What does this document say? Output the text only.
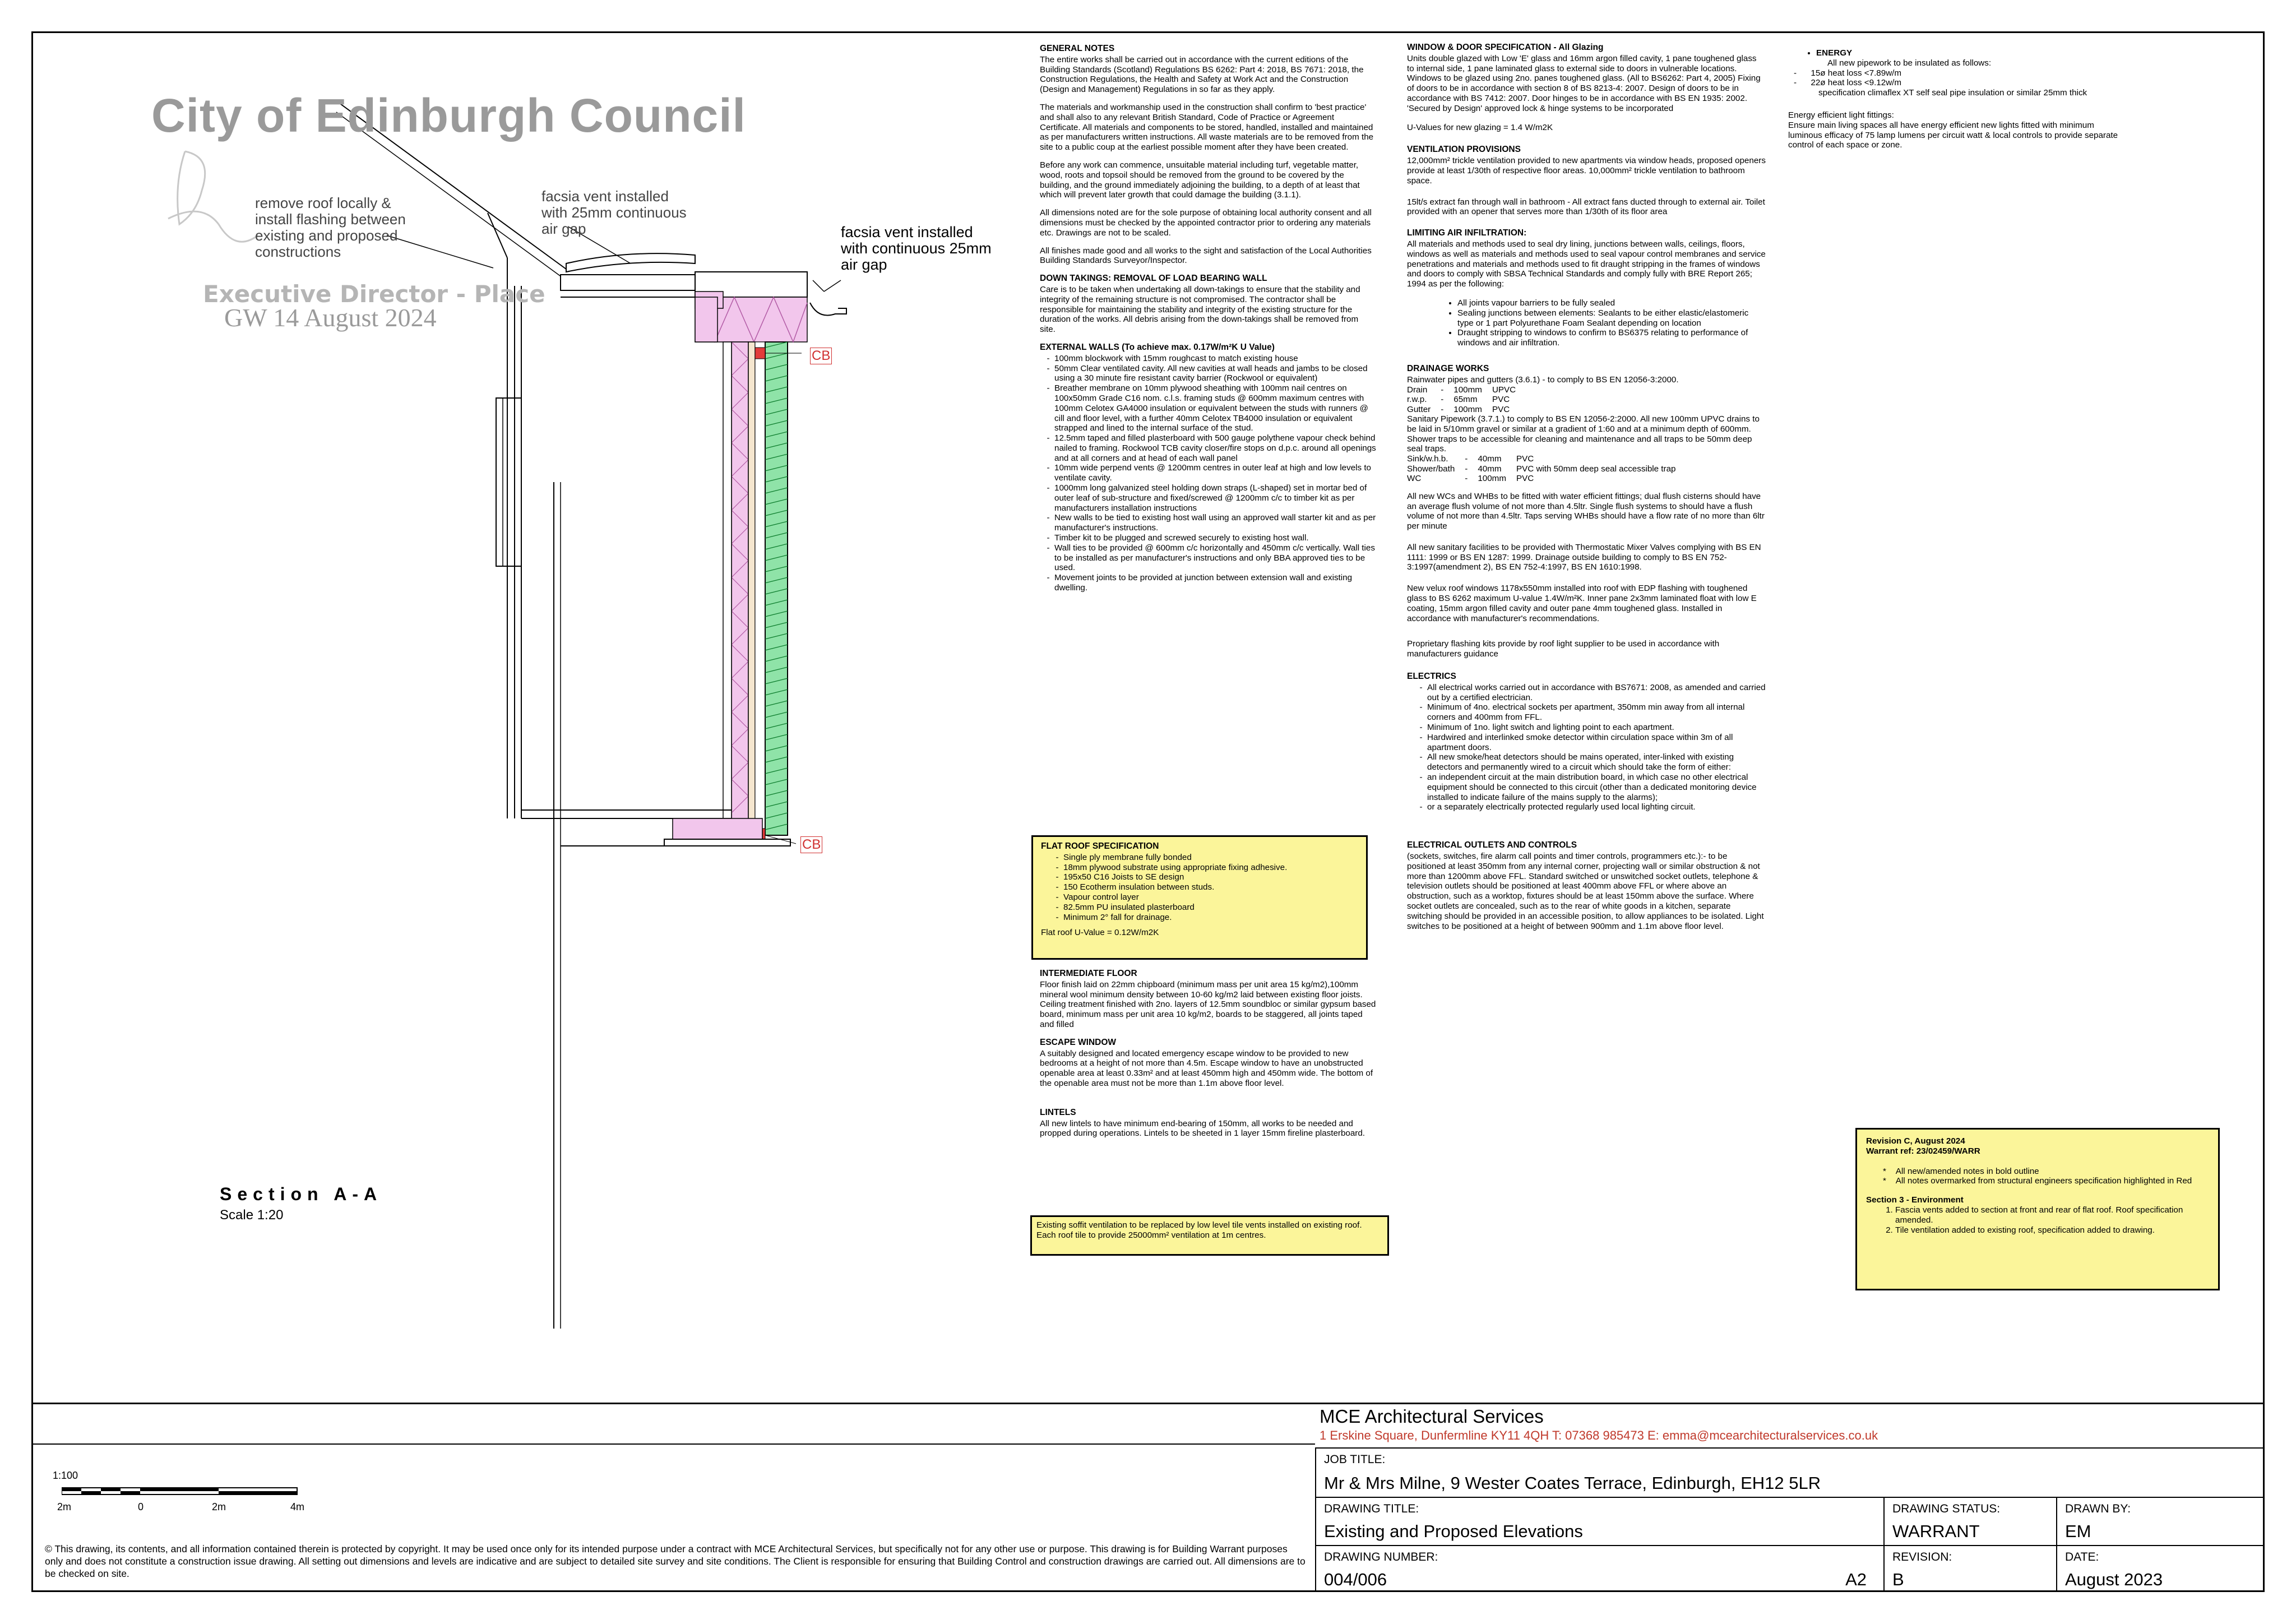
City of Edinburgh Council
Executive Director - Place
GW 14 August 2024
remove roof locally & install flashing between existing and proposed constructions
facsia vent installed with 25mm continuous air gap	facsia vent installed with continuous 25mm air gap
CB
CB
Section A-A
Scale 1:20
GENERAL NOTES

The entire works shall be carried out in accordance with the current editions of the Building Standards (Scotland) Regulations BS 6262: Part 4: 2018, BS 7671: 2018, the Construction Regulations, the Health and Safety at Work Act and the Construction (Design and Management) Regulations in so far as they apply.

The materials and workmanship used in the construction shall confirm to 'best practice' and shall also to any relevant British Standard, Code of Practice or Agreement Certificate. All materials and components to be stored, handled, installed and maintained as per manufacturers written instructions. All waste materials are to be removed from the site to a public coup at the earliest possible moment after they have been created.

Before any work can commence, unsuitable material including turf, vegetable matter, wood, roots and topsoil should be removed from the ground to be covered by the building, and the ground immediately adjoining the building, to a depth of at least that which will prevent later growth that could damage the building (3.1.1).

All dimensions noted are for the sole purpose of obtaining local authority consent and all dimensions must be checked by the appointed contractor prior to ordering any materials etc. Drawings are not to be scaled.

All finishes made good and all works to the sight and satisfaction of the Local Authorities Building Standards Surveyor/Inspector.

DOWN TAKINGS: REMOVAL OF LOAD BEARING WALL

Care is to be taken when undertaking all down-takings to ensure that the stability and integrity of the remaining structure is not compromised. The contractor shall be responsible for maintaining the stability and integrity of the existing structure for the duration of the works. All debris arising from the down-takings shall be removed from site.

EXTERNAL WALLS (To achieve max. 0.17W/m²K U Value)
- 100mm blockwork with 15mm roughcast to match existing house
- 50mm Clear ventilated cavity. All new cavities at wall heads and jambs to be closed using a 30 minute fire resistant cavity barrier (Rockwool or equivalent)
- Breather membrane on 10mm plywood sheathing with 100mm nail centres on 100x50mm Grade C16 nom. c.l.s. framing studs @ 600mm maximum centres with 100mm Celotex GA4000 insulation or equivalent between the studs with runners @ cill and floor level, with a further 40mm Celotex TB4000 insulation or equivalent strapped and lined to the internal surface of the stud.
- 12.5mm taped and filled plasterboard with 500 gauge polythene vapour check behind nailed to framing. Rockwool TCB cavity closer/fire stops on d.p.c. around all openings and at all corners and at head of each wall panel
- 10mm wide perpend vents @ 1200mm centres in outer leaf at high and low levels to ventilate cavity.
- 1000mm long galvanized steel holding down straps (L-shaped) set in mortar bed of outer leaf of sub-structure and fixed/screwed @ 1200mm c/c to timber kit as per manufacturers installation instructions
- New walls to be tied to existing host wall using an approved wall starter kit and as per manufacturer's instructions.
- Timber kit to be plugged and screwed securely to existing host wall.
- Wall ties to be provided @ 600mm c/c horizontally and 450mm c/c vertically. Wall ties to be installed as per manufacturer's instructions and only BBA approved ties to be used.
- Movement joints to be provided at junction between extension wall and existing dwelling.
FLAT ROOF SPECIFICATION
- Single ply membrane fully bonded
- 18mm plywood substrate using appropriate fixing adhesive.
- 195x50 C16 Joists to SE design
- 150 Ecotherm insulation between studs.
- Vapour control layer
- 82.5mm PU insulated plasterboard
- Minimum 2° fall for drainage.
Flat roof U-Value = 0.12W/m2K
INTERMEDIATE FLOOR

Floor finish laid on 22mm chipboard (minimum mass per unit area 15 kg/m2),100mm mineral wool minimum density between 10-60 kg/m2 laid between existing floor joists. Ceiling treatment finished with 2no. layers of 12.5mm soundbloc or similar gypsum based board, minimum mass per unit area 10 kg/m2, boards to be staggered, all joints taped and filled

ESCAPE WINDOW

A suitably designed and located emergency escape window to be provided to new bedrooms at a height of not more than 4.5m. Escape window to have an unobstructed openable area at least 0.33m² and at least 450mm high and 450mm wide. The bottom of the openable area must not be more than 1.1m above floor level.

LINTELS

All new lintels to have minimum end-bearing of 150mm, all works to be needed and propped during operations. Lintels to be sheeted in 1 layer 15mm fireline plasterboard.

Existing soffit ventilation to be replaced by low level tile vents installed on existing roof. Each roof tile to provide 25000mm² ventilation at 1m centres.
WINDOW & DOOR SPECIFICATION - All Glazing

Units double glazed with Low 'E' glass and 16mm argon filled cavity, 1 pane toughened glass to internal side, 1 pane laminated glass to external side to doors in vulnerable locations. Windows to be glazed using 2no. panes toughened glass. (All to BS6262: Part 4, 2005) Fixing of doors to be in accordance with section 8 of BS 8213-4: 2007. Design of doors to be in accordance with BS 7412: 2007. Door hinges to be in accordance with BS EN 1935: 2002. 'Secured by Design' approved lock & hinge systems to be incorporated

U-Values for new glazing = 1.4 W/m2K

VENTILATION PROVISIONS

12,000mm² trickle ventilation provided to new apartments via window heads, proposed openers provide at least 1/30th of respective floor areas. 10,000mm² trickle ventilation to bathroom space.

15lt/s extract fan through wall in bathroom - All extract fans ducted through to external air. Toilet provided with an opener that serves more than 1/30th of its floor area

LIMITING AIR INFILTRATION:

All materials and methods used to seal dry lining, junctions between walls, ceilings, floors, windows as well as materials and methods used to seal vapour control membranes and service penetrations and materials and methods used to fit draught stripping in the frames of windows and doors to comply with SBSA Technical Standards and comply fully with BRE Report 265; 1994 as per the following:

• All joints vapour barriers to be fully sealed
• Sealing junctions between elements: Sealants to be either elastic/elastomeric type or 1 part Polyurethane Foam Sealant depending on location
• Draught stripping to windows to confirm to BS6375 relating to performance of windows and air infiltration.
DRAINAGE WORKS
Rainwater pipes and gutters (3.6.1) - to comply to BS EN 12056-3:2000.
Drain	-	100mm	UPVC
r.w.p.	-	65mm	PVC
Gutter	-	100mm	PVC
Sanitary Pipework (3.7.1.) to comply to BS EN 12056-2:2000. All new 100mm UPVC drains to be laid in 5/10mm gravel or similar at a gradient of 1:60 and at a minimum depth of 600mm. Shower traps to be accessible for cleaning and maintenance and all traps to be 50mm deep seal traps.
Sink/w.h.b.	-	40mm	PVC
Shower/bath	-	40mm	PVC with 50mm deep seal accessible trap
WC	-	100mm	PVC

All new WCs and WHBs to be fitted with water efficient fittings; dual flush cisterns should have an average flush volume of not more than 4.5ltr. Single flush systems to should have a flush volume of not more than 4.5ltr. Taps serving WHBs should have a flow rate of no more than 6ltr per minute

All new sanitary facilities to be provided with Thermostatic Mixer Valves complying with BS EN 1111: 1999 or BS EN 1287: 1999. Drainage outside building to comply to BS EN 752-3:1997(amendment 2), BS EN 752-4:1997, BS EN 1610:1998.

New velux roof windows 1178x550mm installed into roof with EDP flashing with toughened glass to BS 6262 maximum U-value 1.4W/m²K. Inner pane 2x3mm laminated float with low E coating, 15mm argon filled cavity and outer pane 4mm toughened glass. Installed in accordance with manufacturer's recommendations.

Proprietary flashing kits provide by roof light supplier to be used in accordance with manufacturers guidance

ELECTRICS
- All electrical works carried out in accordance with BS7671: 2008, as amended and carried out by a certified electrician.
- Minimum of 4no. electrical sockets per apartment, 350mm min away from all internal corners and 400mm from FFL.
- Minimum of 1no. light switch and lighting point to each apartment.
- Hardwired and interlinked smoke detector within circulation space within 3m of all apartment doors.
- All new smoke/heat detectors should be mains operated, inter-linked with existing detectors and permanently wired to a circuit which should take the form of either:
- an independent circuit at the main distribution board, in which case no other electrical equipment should be connected to this circuit (other than a dedicated monitoring device installed to indicate failure of the mains supply to the alarms);
- or a separately electrically protected regularly used local lighting circuit.
ELECTRICAL OUTLETS AND CONTROLS

(sockets, switches, fire alarm call points and timer controls, programmers etc.):- to be positioned at least 350mm from any internal corner, projecting wall or similar obstruction & not more than 1200mm above FFL. Standard switched or unswitched socket outlets, telephone & television outlets should be positioned at least 400mm above FFL or where above an obstruction, such as a worktop, fixtures should be at least 150mm above the surface. Where socket outlets are concealed, such as to the rear of white goods in a kitchen, separate switching should be provided in an accessible position, to allow appliances to be isolated. Light switches to be positioned at a height of between 900mm and 1.1m above floor level.

• ENERGY
All new pipework to be insulated as follows:
-      15ø heat loss <7.89w/m
-      22ø heat loss <9.12w/m
specification climaflex XT self seal pipe insulation or similar 25mm thick
Energy efficient light fittings:
Ensure main living spaces all have energy efficient new lights fitted with minimum luminous efficacy of 75 lamp lumens per circuit watt & local controls to provide separate control of each space or zone.
Revision C, August 2024
Warrant ref: 23/02459/WARR
*    All new/amended notes in bold outline
*    All notes overmarked from structural engineers specification highlighted in Red
Section 3 - Environment
1. Fascia vents added to section at front and rear of flat roof. Roof specification amended.
2. Tile ventilation added to existing roof, specification added to drawing.
MCE Architectural Services
1 Erskine Square, Dunfermline KY11 4QH T: 07368 985473 E: emma@mcearchitecturalservices.co.uk
1:100
2m	0	2m	4m
© This drawing, its contents, and all information contained therein is protected by copyright. It may be used once only for its intended purpose under a contract with MCE Architectural Services, but specifically not for any other use or purpose. This drawing is for Building Warrant purposes only and does not constitute a construction issue drawing. All setting out dimensions and levels are indicative and are subject to detailed site survey and site conditions. The Client is responsible for ensuring that Building Control and construction drawings are carried out. All dimensions are to be checked on site.
JOB TITLE:
Mr & Mrs Milne, 9 Wester Coates Terrace, Edinburgh, EH12 5LR
DRAWING TITLE:
Existing and Proposed Elevations
DRAWING STATUS:
WARRANT
DRAWN BY:
EM
DRAWING NUMBER:
004/006	A2
REVISION:
B
DATE:
August 2023
